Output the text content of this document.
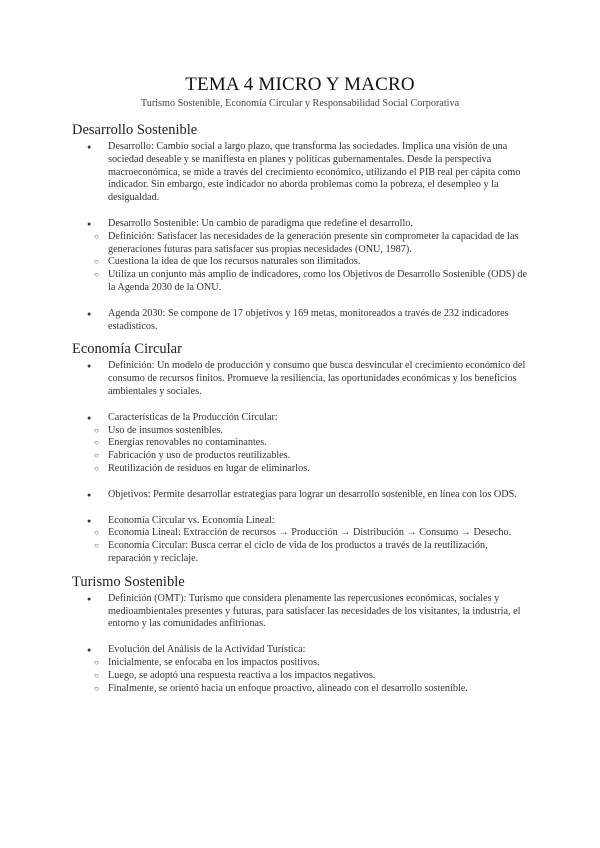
TEMA 4 MICRO Y MACRO
Turismo Sostenible, Economía Circular y Responsabilidad Social Corporativa
Desarrollo Sostenible
● Desarrollo: Cambio social a largo plazo, que transforma las sociedades. Implica una visión de una sociedad deseable y se manifiesta en planes y políticas gubernamentales. Desde la perspectiva macroeconómica, se mide a través del crecimiento económico, utilizando el PIB real per cápita como indicador. Sin embargo, este indicador no aborda problemas como la pobreza, el desempleo y la desigualdad.
● Desarrollo Sostenible: Un cambio de paradigma que redefine el desarrollo.
○ Definición: Satisfacer las necesidades de la generación presente sin comprometer la capacidad de las generaciones futuras para satisfacer sus propias necesidades (ONU, 1987).
○ Cuestiona la idea de que los recursos naturales son ilimitados.
○ Utiliza un conjunto más amplio de indicadores, como los Objetivos de Desarrollo Sostenible (ODS) de la Agenda 2030 de la ONU.
● Agenda 2030: Se compone de 17 objetivos y 169 metas, monitoreados a través de 232 indicadores estadísticos.
Economía Circular
● Definición: Un modelo de producción y consumo que busca desvincular el crecimiento económico del consumo de recursos finitos. Promueve la resiliencia, las oportunidades económicas y los beneficios ambientales y sociales.
● Características de la Producción Circular:
○ Uso de insumos sostenibles.
○ Energías renovables no contaminantes.
○ Fabricación y uso de productos reutilizables.
○ Reutilización de residuos en lugar de eliminarlos.
● Objetivos: Permite desarrollar estrategias para lograr un desarrollo sostenible, en línea con los ODS.
● Economía Circular vs. Economía Lineal:
○ Economía Lineal: Extracción de recursos → Producción → Distribución → Consumo → Desecho.
○ Economía Circular: Busca cerrar el ciclo de vida de los productos a través de la reutilización, reparación y reciclaje.
Turismo Sostenible
● Definición (OMT): Turismo que considera plenamente las repercusiones económicas, sociales y medioambientales presentes y futuras, para satisfacer las necesidades de los visitantes, la industria, el entorno y las comunidades anfitrionas.
● Evolución del Análisis de la Actividad Turística:
○ Inicialmente, se enfocaba en los impactos positivos.
○ Luego, se adoptó una respuesta reactiva a los impactos negativos.
○ Finalmente, se orientó hacia un enfoque proactivo, alineado con el desarrollo sostenible.
